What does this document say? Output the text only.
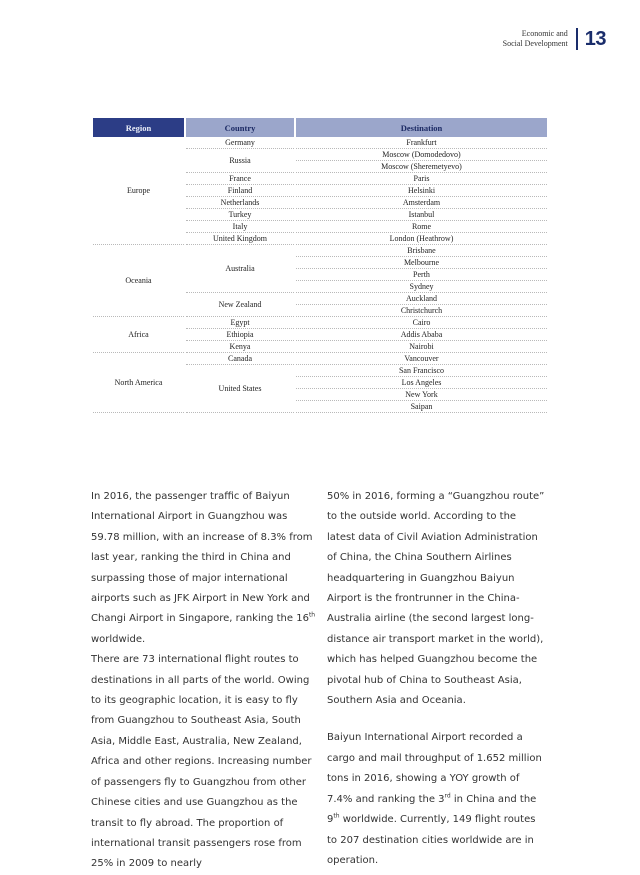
Economic and
Social Development 13
Region	Country	Destination
Europe	Germany	Frankfurt
	Russia	Moscow (Domodedovo)
		Moscow (Sheremetyevo)
	France	Paris
	Finland	Helsinki
	Netherlands	Amsterdam
	Turkey	Istanbul
	Italy	Rome
	United Kingdom	London (Heathrow)
Oceania	Australia	Brisbane
		Melbourne
		Perth
		Sydney
	New Zealand	Auckland
		Christchurch
Africa	Egypt	Cairo
	Ethiopia	Addis Ababa
	Kenya	Nairobi
North America	Canada	Vancouver
	United States	San Francisco
		Los Angeles
		New York
		Saipan

In 2016, the passenger traffic of Baiyun International Airport in Guangzhou was 59.78 million, with an increase of 8.3% from last year, ranking the third in China and surpassing those of major international airports such as JFK Airport in New York and Changi Airport in Singapore, ranking the 16th worldwide.

There are 73 international flight routes to destinations in all parts of the world. Owing to its geographic location, it is easy to fly from Guangzhou to Southeast Asia, South Asia, Middle East, Australia, New Zealand, Africa and other regions. Increasing number of passengers fly to Guangzhou from other Chinese cities and use Guangzhou as the transit to fly abroad. The proportion of international transit passengers rose from 25% in 2009 to nearly

50% in 2016, forming a “Guangzhou route” to the outside world. According to the latest data of Civil Aviation Administration of China, the China Southern Airlines headquartering in Guangzhou Baiyun Airport is the frontrunner in the China-Australia airline (the second largest long-distance air transport market in the world), which has helped Guangzhou become the pivotal hub of China to Southeast Asia, Southern Asia and Oceania.

Baiyun International Airport recorded a cargo and mail throughput of 1.652 million tons in 2016, showing a YOY growth of 7.4% and ranking the 3rd in China and the 9th worldwide. Currently, 149 flight routes to 207 destination cities worldwide are in operation.
